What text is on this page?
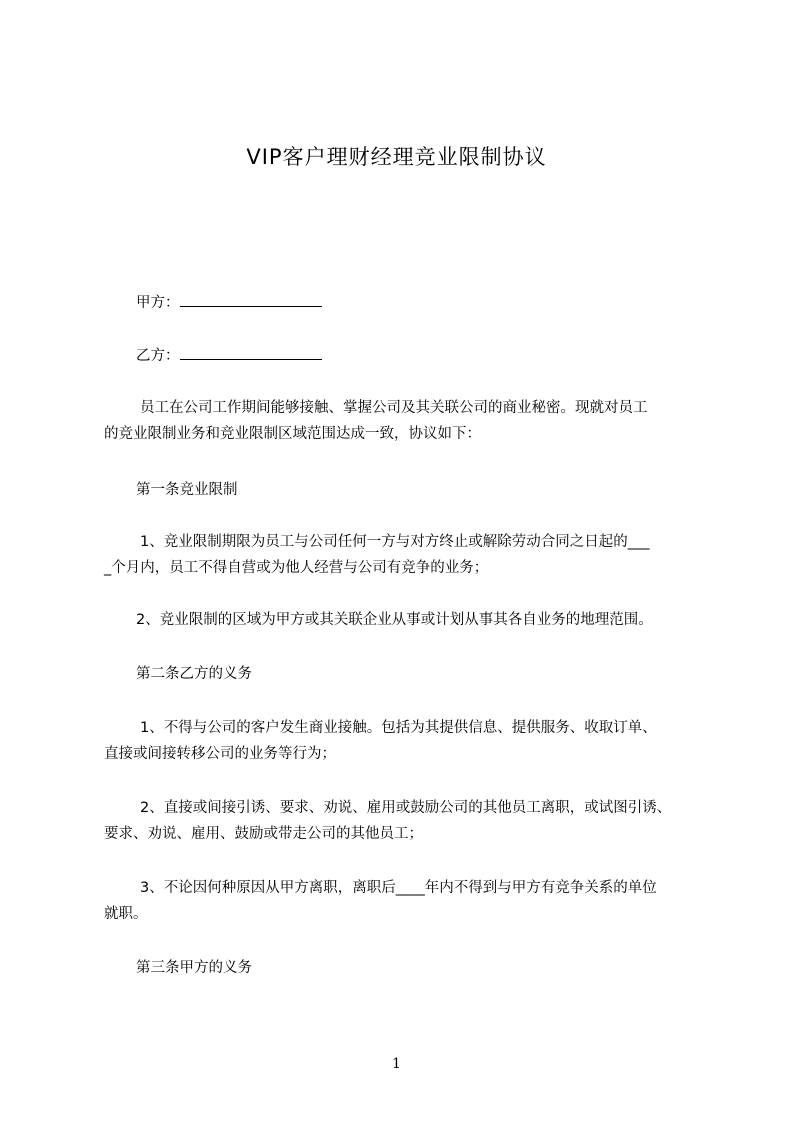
VIP客户理财经理竞业限制协议
甲方：
乙方：
员工在公司工作期间能够接触、掌握公司及其关联公司的商业秘密。现就对员工
的竞业限制业务和竞业限制区域范围达成一致，协议如下：
第一条竞业限制
1、竞业限制期限为员工与公司任何一方与对方终止或解除劳动合同之日起的___
_个月内，员工不得自营或为他人经营与公司有竞争的业务；
2、竞业限制的区域为甲方或其关联企业从事或计划从事其各自业务的地理范围。
第二条乙方的义务
1、不得与公司的客户发生商业接触。包括为其提供信息、提供服务、收取订单、
直接或间接转移公司的业务等行为；
2、直接或间接引诱、要求、劝说、雇用或鼓励公司的其他员工离职，或试图引诱、
要求、劝说、雇用、鼓励或带走公司的其他员工；
3、不论因何种原因从甲方离职，离职后____年内不得到与甲方有竞争关系的单位
就职。
第三条甲方的义务
1
